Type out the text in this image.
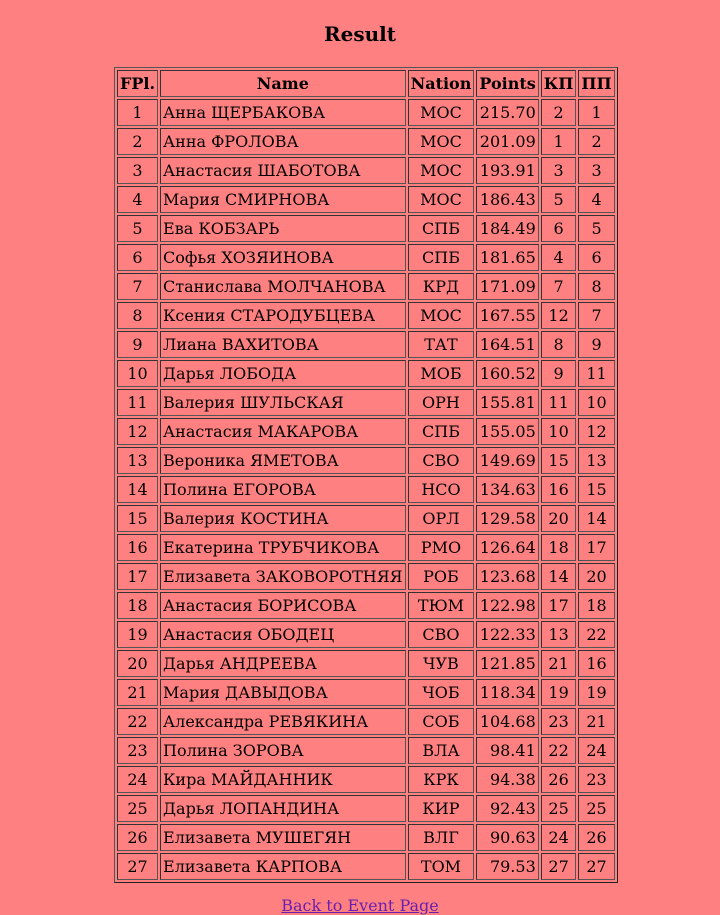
Result
FPl.	Name	Nation	Points	КП	ПП
1	Анна ЩЕРБАКОВА	МОС	215.70	2	1
2	Анна ФРОЛОВА	МОС	201.09	1	2
3	Анастасия ШАБОТОВА	МОС	193.91	3	3
4	Мария СМИРНОВА	МОС	186.43	5	4
5	Ева КОБЗАРЬ	СПБ	184.49	6	5
6	Софья ХОЗЯИНОВА	СПБ	181.65	4	6
7	Станислава МОЛЧАНОВА	КРД	171.09	7	8
8	Ксения СТАРОДУБЦЕВА	МОС	167.55	12	7
9	Лиана ВАХИТОВА	ТАТ	164.51	8	9
10	Дарья ЛОБОДА	МОБ	160.52	9	11
11	Валерия ШУЛЬСКАЯ	ОРН	155.81	11	10
12	Анастасия МАКАРОВА	СПБ	155.05	10	12
13	Вероника ЯМЕТОВА	СВО	149.69	15	13
14	Полина ЕГОРОВА	НСО	134.63	16	15
15	Валерия КОСТИНА	ОРЛ	129.58	20	14
16	Екатерина ТРУБЧИКОВА	РМО	126.64	18	17
17	Елизавета ЗАКОВОРОТНЯЯ	РОБ	123.68	14	20
18	Анастасия БОРИСОВА	ТЮМ	122.98	17	18
19	Анастасия ОБОДЕЦ	СВО	122.33	13	22
20	Дарья АНДРЕЕВА	ЧУВ	121.85	21	16
21	Мария ДАВЫДОВА	ЧОБ	118.34	19	19
22	Александра РЕВЯКИНА	СОБ	104.68	23	21
23	Полина ЗОРОВА	ВЛА	98.41	22	24
24	Кира МАЙДАННИК	КРК	94.38	26	23
25	Дарья ЛОПАНДИНА	КИР	92.43	25	25
26	Елизавета МУШЕГЯН	ВЛГ	90.63	24	26
27	Елизавета КАРПОВА	ТОМ	79.53	27	27
Back to Event Page
